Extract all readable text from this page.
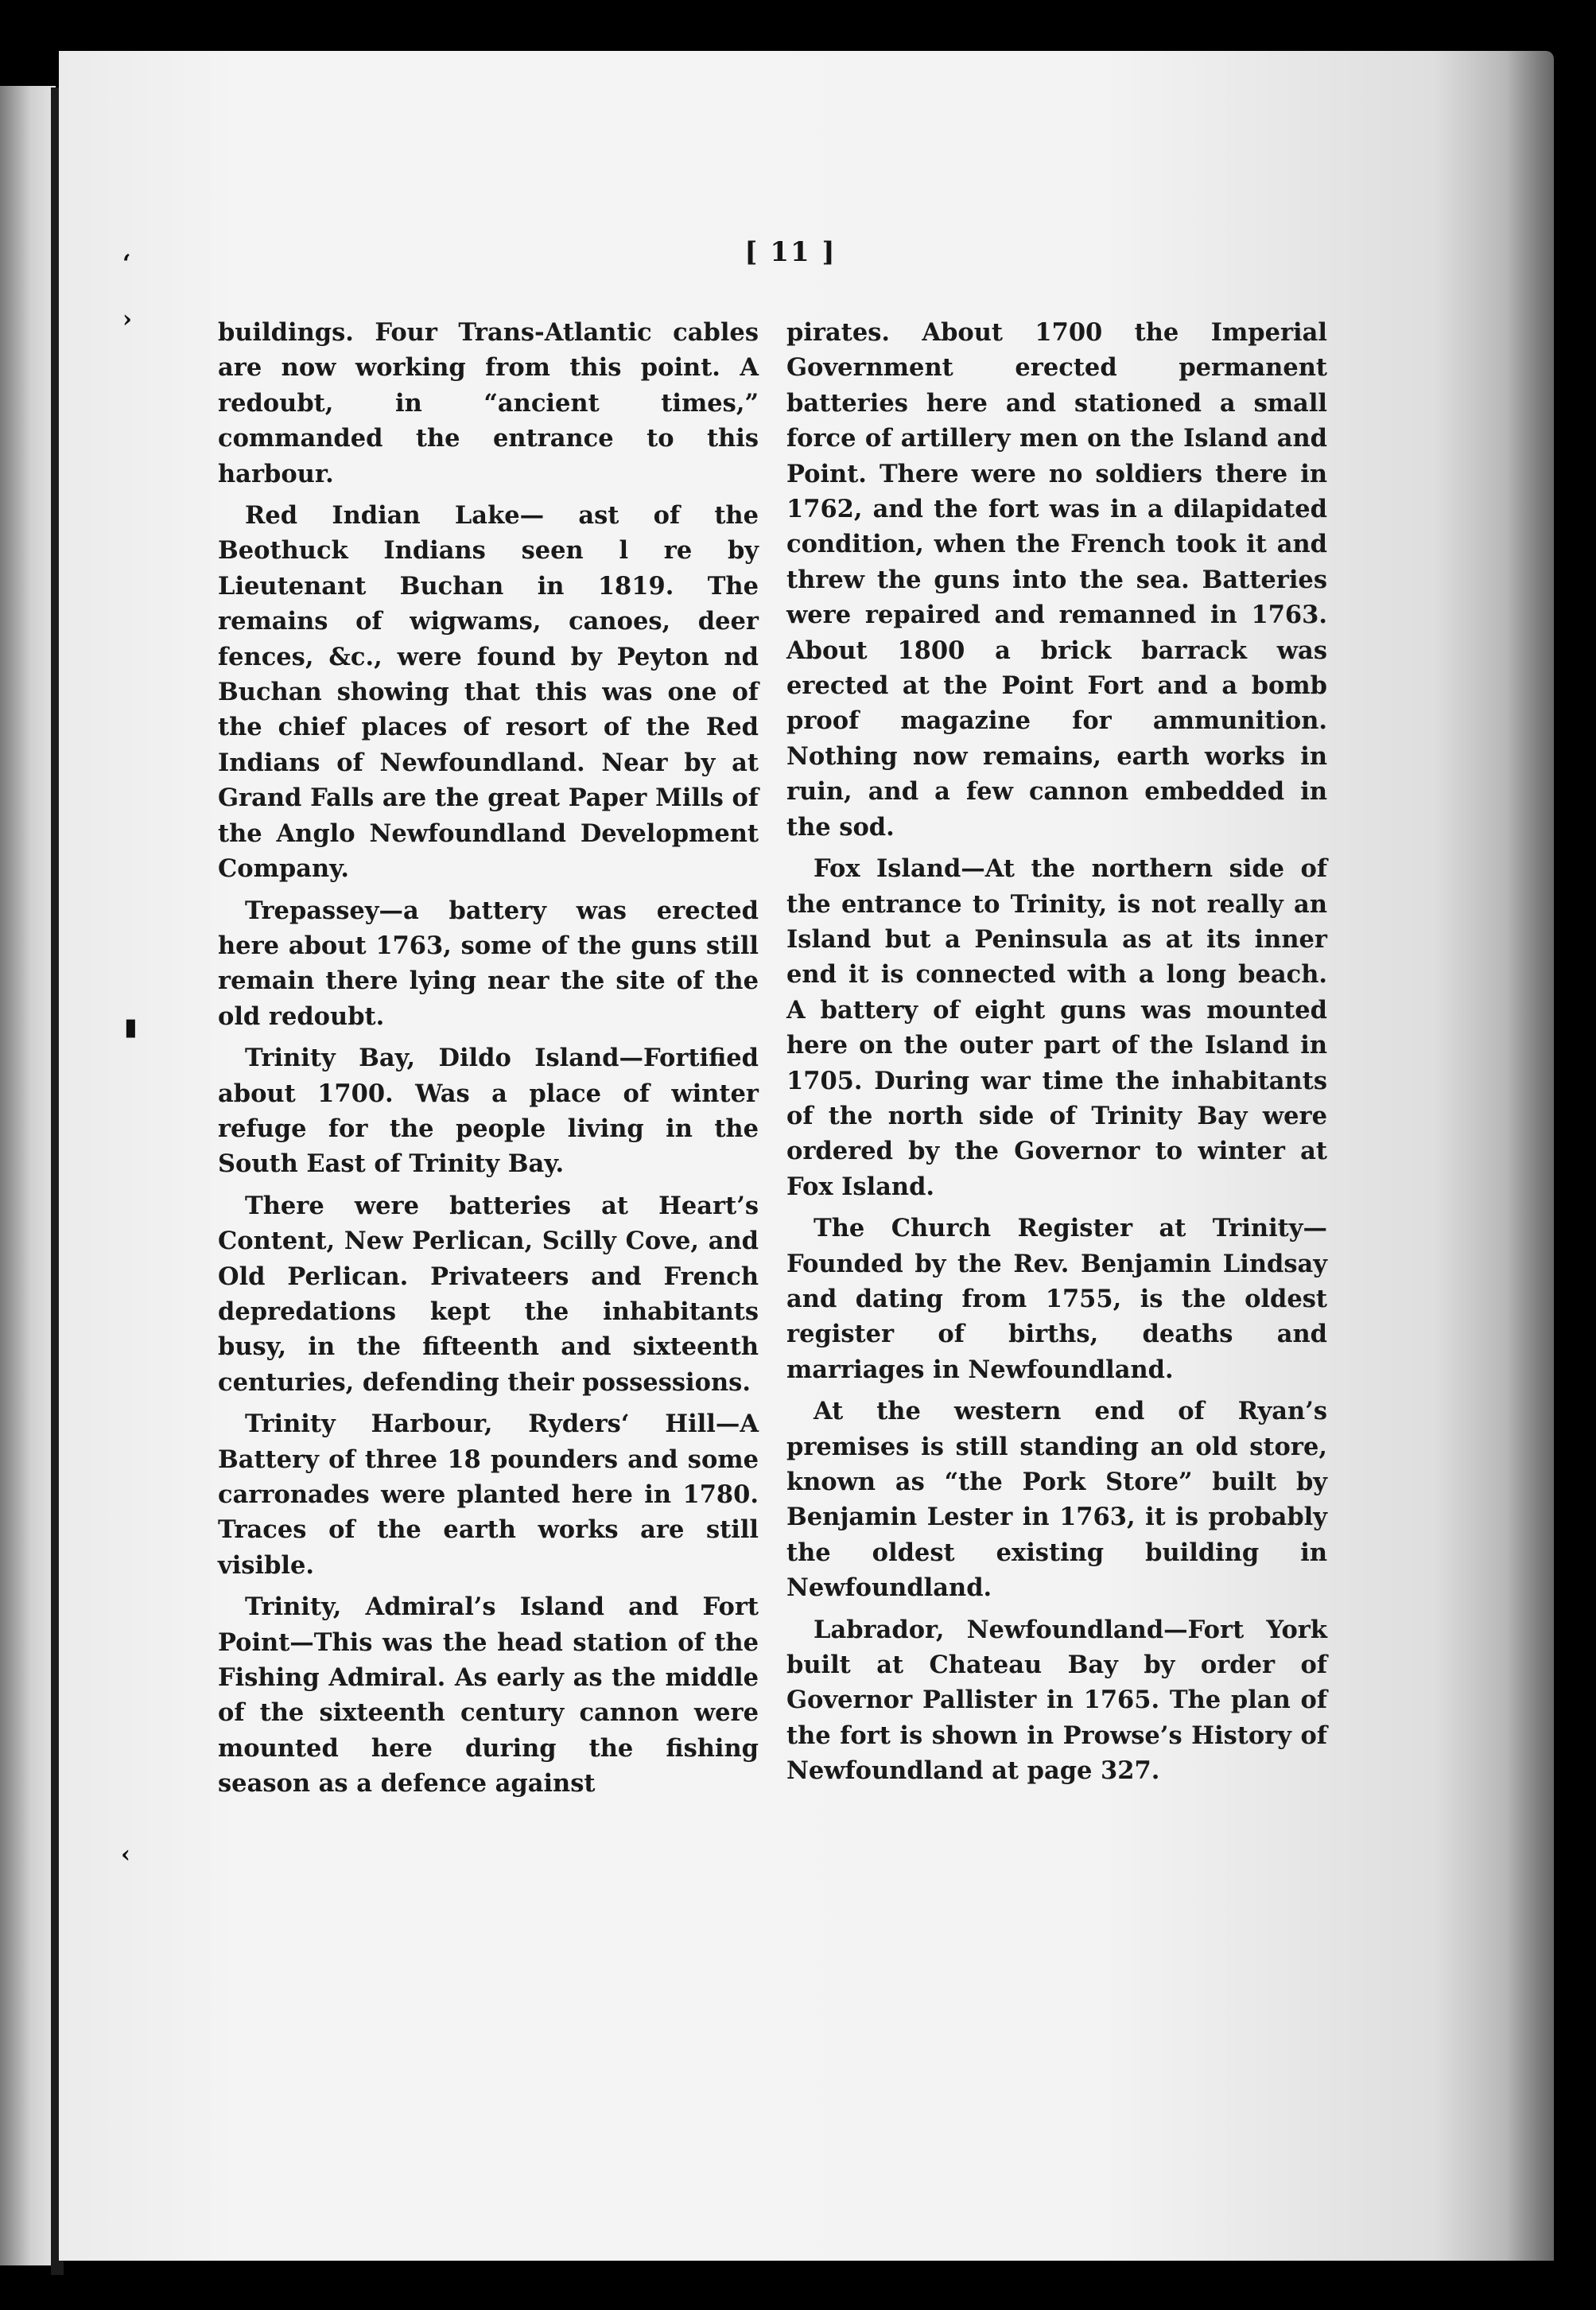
‘
›
▮
‹
[ 11 ]

buildings. Four Trans-Atlantic cables are now working from this point. A redoubt, in “ancient times,” commanded the entrance to this harbour.

Red Indian Lake— ast of the Beothuck Indians seen l re by Lieutenant Buchan in 1819. The remains of wigwams, canoes, deer fences, &c., were found by Peyton nd Buchan showing that this was one of the chief places of resort of the Red Indians of Newfoundland. Near by at Grand Falls are the great Paper Mills of the Anglo Newfoundland Development Company.

Trepassey—a battery was erected here about 1763, some of the guns still remain there lying near the site of the old redoubt.

Trinity Bay, Dildo Island—Fortified about 1700. Was a place of winter refuge for the people living in the South East of Trinity Bay.

There were batteries at Heart’s Content, New Perlican, Scilly Cove, and Old Perlican. Privateers and French depredations kept the inhabitants busy, in the fifteenth and sixteenth centuries, defending their possessions.

Trinity Harbour, Ryders‘ Hill—A Battery of three 18 pounders and some carronades were planted here in 1780. Traces of the earth works are still visible.

Trinity, Admiral’s Island and Fort Point—This was the head station of the Fishing Admiral. As early as the middle of the sixteenth century cannon were mounted here during the fishing season as a defence against

pirates. About 1700 the Imperial Government erected permanent batteries here and stationed a small force of artillery men on the Island and Point. There were no soldiers there in 1762, and the fort was in a dilapidated condition, when the French took it and threw the guns into the sea. Batteries were repaired and remanned in 1763. About 1800 a brick barrack was erected at the Point Fort and a bomb proof magazine for ammunition. Nothing now remains, earth works in ruin, and a few cannon embedded in the sod.

Fox Island—At the northern side of the entrance to Trinity, is not really an Island but a Peninsula as at its inner end it is connected with a long beach. A battery of eight guns was mounted here on the outer part of the Island in 1705. During war time the inhabitants of the north side of Trinity Bay were ordered by the Governor to winter at Fox Island.

The Church Register at Trinity—Founded by the Rev. Benjamin Lindsay and dating from 1755, is the oldest register of births, deaths and marriages in Newfoundland.

At the western end of Ryan’s premises is still standing an old store, known as “the Pork Store” built by Benjamin Lester in 1763, it is probably the oldest existing building in Newfoundland.

Labrador, Newfoundland—Fort York built at Chateau Bay by order of Governor Pallister in 1765. The plan of the fort is shown in Prowse’s History of Newfoundland at page 327.
